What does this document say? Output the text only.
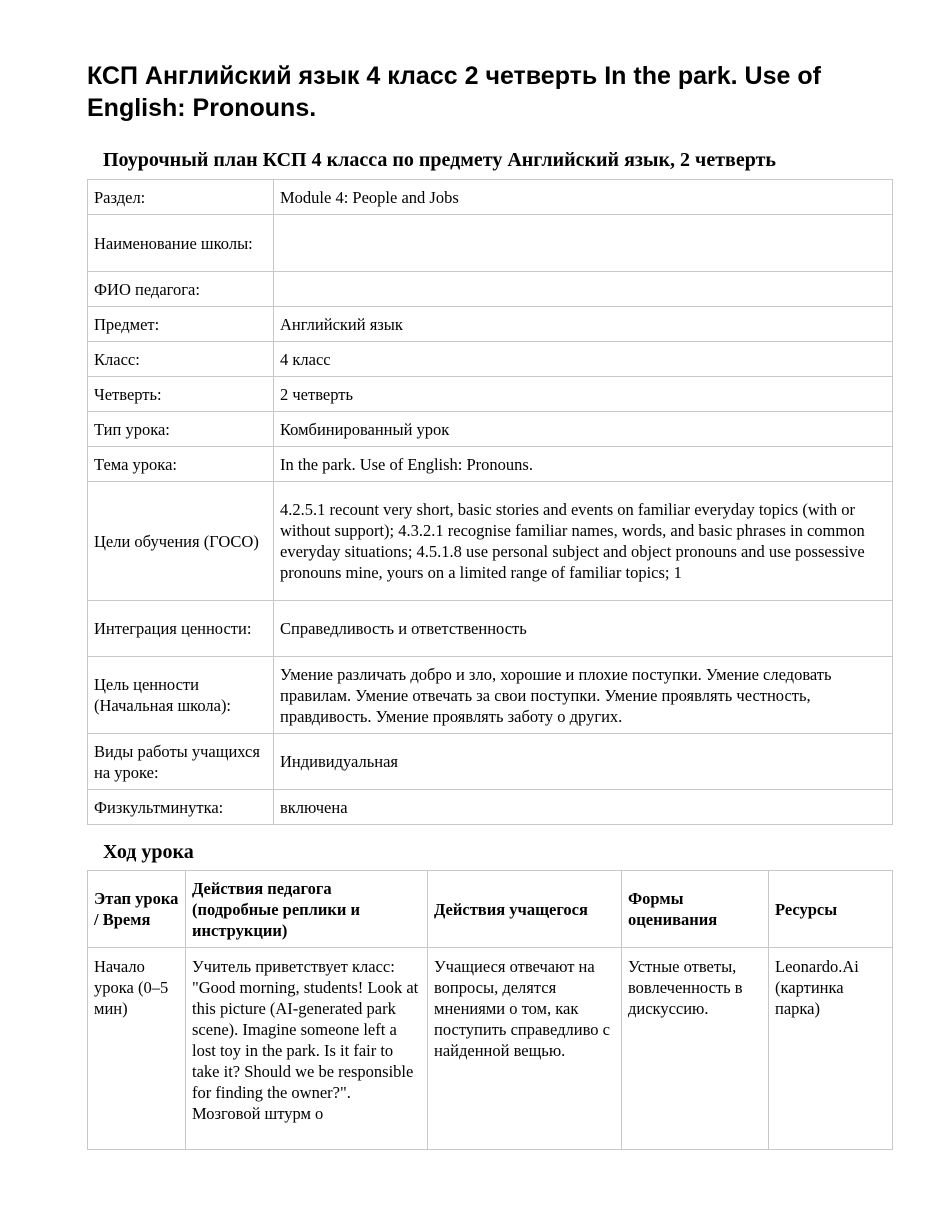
КСП Английский язык 4 класс 2 четверть In the park. Use of English: Pronouns.
Поурочный план КСП 4 класса по предмету Английский язык, 2 четверть
Раздел:	Module 4: People and Jobs
Наименование школы:	
ФИО педагога:	
Предмет:	Английский язык
Класс:	4 класс
Четверть:	2 четверть
Тип урока:	Комбинированный урок
Тема урока:	In the park. Use of English: Pronouns.
Цели обучения (ГОСО)	4.2.5.1 recount very short, basic stories and events on familiar everyday topics (with or without support); 4.3.2.1 recognise familiar names, words, and basic phrases in common everyday situations; 4.5.1.8 use personal subject and object pronouns and use possessive pronouns mine, yours on a limited range of familiar topics; 1
Интеграция ценности:	Справедливость и ответственность
Цель ценности (Начальная школа):	Умение различать добро и зло, хорошие и плохие поступки. Умение следовать правилам. Умение отвечать за свои поступки. Умение проявлять честность, правдивость. Умение проявлять заботу о других.
Виды работы учащихся на уроке:	Индивидуальная
Физкультминутка:	включена
Ход урока
Этап урока / Время	Действия педагога (подробные реплики и инструкции)	Действия учащегося	Формы оценивания	Ресурсы
Начало урока (0–5 мин)	Учитель приветствует класс: "Good morning, students! Look at this picture (AI-generated park scene). Imagine someone left a lost toy in the park. Is it fair to take it? Should we be responsible for finding the owner?". Мозговой штурм о	Учащиеся отвечают на вопросы, делятся мнениями о том, как поступить справедливо с найденной вещью.	Устные ответы, вовлеченность в дискуссию.	Leonardo.Ai (картинка парка)
